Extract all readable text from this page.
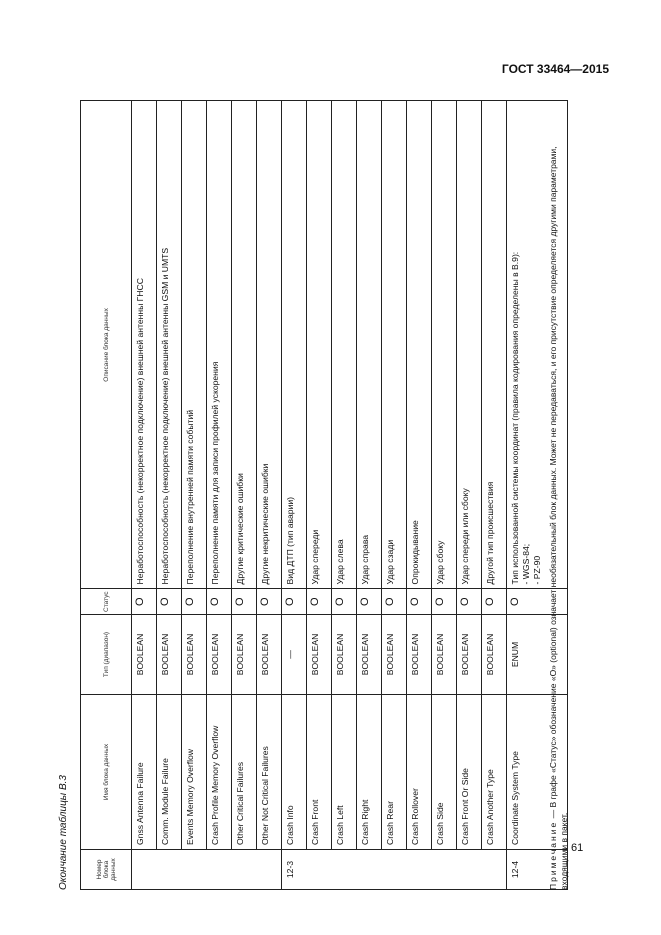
ГОСТ 33464—2015
Окончание таблицы В.3	Номер блока данных	Имя блока данных	Тип (диапазон)	Статус	Описание блока данных
	Gnss Antenna Failure	BOOLEAN	O	Неработоспособность (некорректное подключение) внешней антенны ГНСС
	Comm. Module Failure	BOOLEAN	O	Неработоспособность (некорректное подключение) внешней антенны GSM и UMTS
	Events Memory Overflow	BOOLEAN	O	Переполнение внутренней памяти событий
	Crash Profile Memory Overflow	BOOLEAN	O	Переполнение памяти для записи профилей ускорения
	Other Critical Failures	BOOLEAN	O	Другие критические ошибки
	Other Not Critical Failures	BOOLEAN	O	Другие некритические ошибки
12-3	Crash Info	—	O	Вид ДТП (тип аварии)
	Crash Front	BOOLEAN	O	Удар спереди
	Crash Left	BOOLEAN	O	Удар слева
	Crash Right	BOOLEAN	O	Удар справа
	Crash Rear	BOOLEAN	O	Удар сзади
	Crash Rollover	BOOLEAN	O	Опрокидывание
	Crash Side	BOOLEAN	O	Удар сбоку
	Crash Front Or Side	BOOLEAN	O	Удар спереди или сбоку
	Crash Another Type	BOOLEAN	O	Другой тип происшествия
12-4	Coordinate System Type	ENUM	O	Тип использованной системы координат (правила кодирования определены в В.9): - WGS-84; - PZ-90
Примечание — В графе «Статус» обозначение «О» (optional) означает необязательный блок данных. Может не передаваться, и его присутствие определяется другими параметрами, входящими в пакет. 61
